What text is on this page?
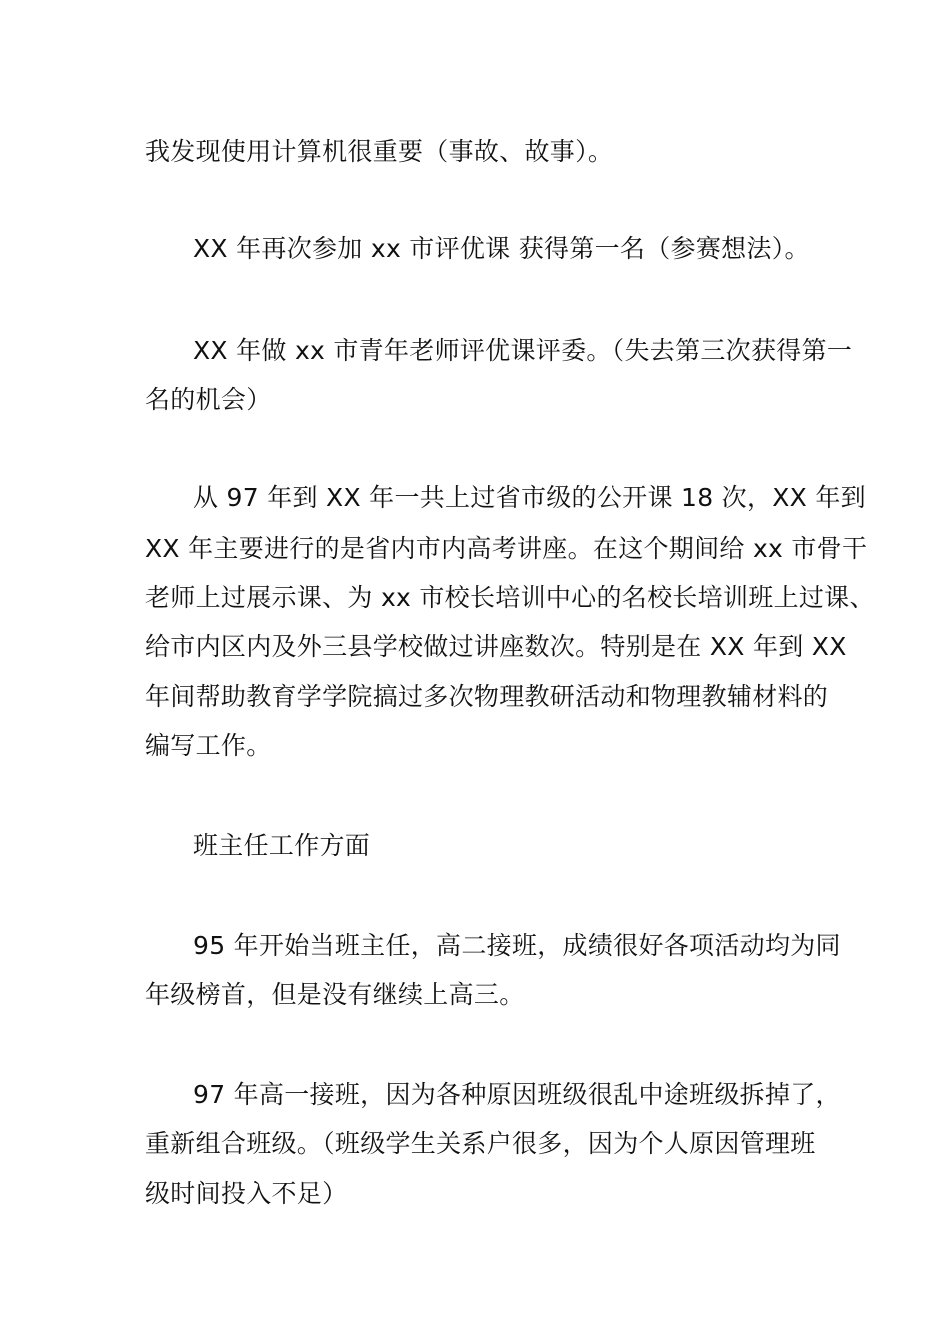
我发现使用计算机很重要（事故、故事）。
XX 年再次参加 xx 市评优课 获得第一名（参赛想法）。
XX 年做 xx 市青年老师评优课评委。（失去第三次获得第一
名的机会）
从 97 年到 XX 年一共上过省市级的公开课 18 次，XX 年到
XX 年主要进行的是省内市内高考讲座。在这个期间给 xx 市骨干
老师上过展示课、为 xx 市校长培训中心的名校长培训班上过课、
给市内区内及外三县学校做过讲座数次。特别是在 XX 年到 XX
年间帮助教育学学院搞过多次物理教研活动和物理教辅材料的
编写工作。
班主任工作方面
95 年开始当班主任，高二接班，成绩很好各项活动均为同
年级榜首，但是没有继续上高三。
97 年高一接班，因为各种原因班级很乱中途班级拆掉了，
重新组合班级。（班级学生关系户很多，因为个人原因管理班
级时间投入不足）
